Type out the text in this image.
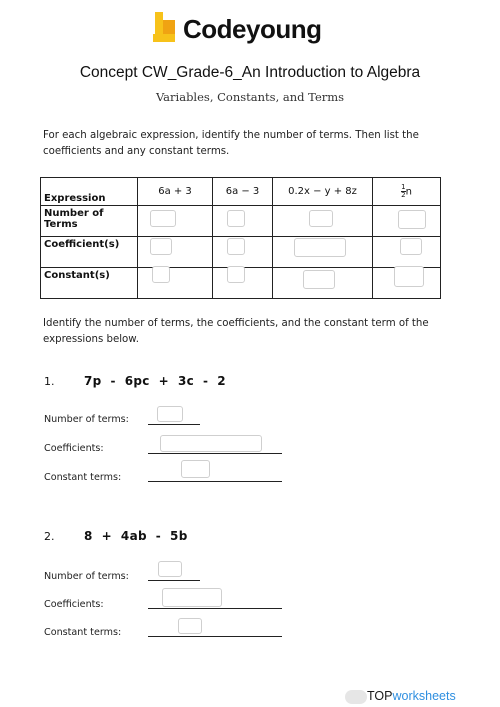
Codeyoung
Concept CW_Grade-6_An Introduction to Algebra
Variables, Constants, and Terms
For each algebraic expression, identify the number of terms. Then list the
coefficients and any constant terms.
Expression	6a + 3	6a − 3	0.2x − y + 8z	$\frac{1}{2}$ n
Number of Terms				
Coefficient(s)				
Constant(s)				
Identify the number of terms, the coefficients, and the constant term of the
expressions below.
1. 7p  -  6pc  +  3c  -  2
Number of terms:
Coefficients:
Constant terms:
2. 8  +  4ab  -  5b
Number of terms:
Coefficients:
Constant terms:
TOPworksheets
